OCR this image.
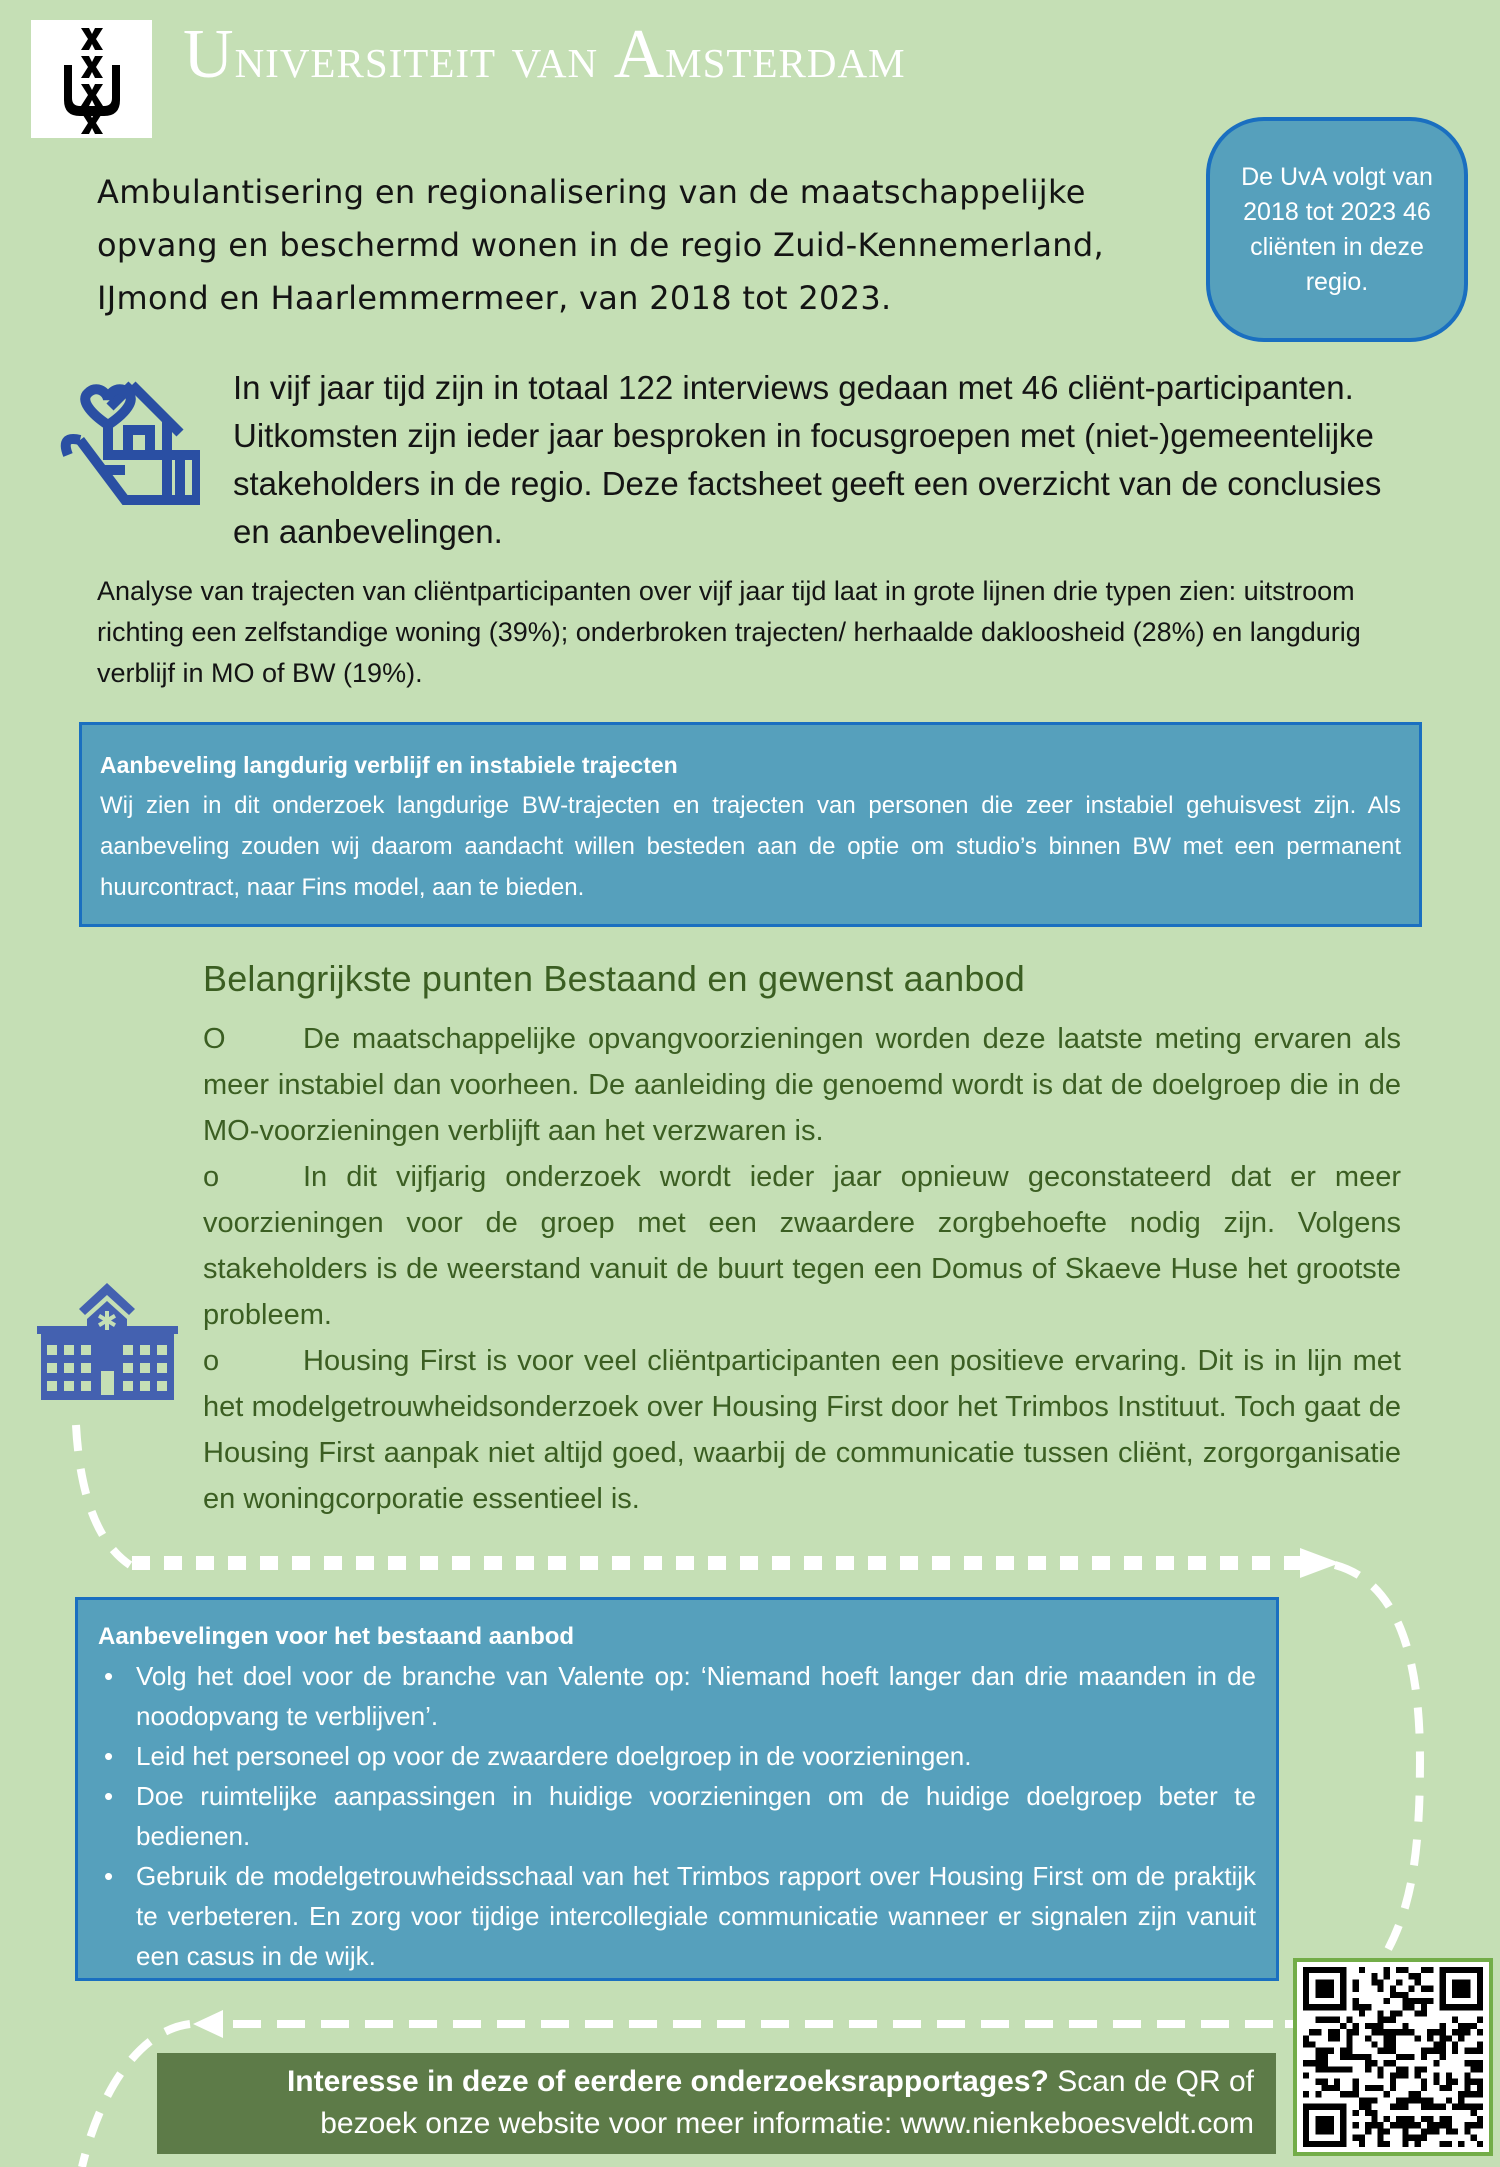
Universiteit van Amsterdam
Ambulantisering en regionalisering van de maatschappelijke opvang en beschermd wonen in de regio Zuid-Kennemerland, IJmond en Haarlemmermeer, van 2018 tot 2023.
De UvA volgt van 2018 tot 2023 46 cliënten in deze regio.
In vijf jaar tijd zijn in totaal 122 interviews gedaan met 46 cliënt-participanten. Uitkomsten zijn ieder jaar besproken in focusgroepen met (niet-)gemeentelijke stakeholders in de regio. Deze factsheet geeft een overzicht van de conclusies en aanbevelingen.
Analyse van trajecten van cliëntparticipanten over vijf jaar tijd laat in grote lijnen drie typen zien: uitstroom richting een zelfstandige woning (39%); onderbroken trajecten/ herhaalde dakloosheid (28%) en langdurig verblijf in MO of BW (19%).
Aanbeveling langdurig verblijf en instabiele trajecten

Wij zien in dit onderzoek langdurige BW-trajecten en trajecten van personen die zeer instabiel gehuisvest zijn. Als aanbeveling zouden wij daarom aandacht willen besteden aan de optie om studio’s binnen BW met een permanent huurcontract, naar Fins model, aan te bieden.

Belangrijkste punten Bestaand en gewenst aanbod

O	De maatschappelijke opvangvoorzieningen worden deze laatste meting ervaren als meer instabiel dan voorheen. De aanleiding die genoemd wordt is dat de doelgroep die in de MO-voorzieningen verblijft aan het verzwaren is.

o	In dit vijfjarig onderzoek wordt ieder jaar opnieuw geconstateerd dat er meer voorzieningen voor de groep met een zwaardere zorgbehoefte nodig zijn. Volgens stakeholders is de weerstand vanuit de buurt tegen een Domus of Skaeve Huse het grootste probleem.

o	Housing First is voor veel cliëntparticipanten een positieve ervaring. Dit is in lijn met het modelgetrouwheidsonderzoek over Housing First door het Trimbos Instituut. Toch gaat de Housing First aanpak niet altijd goed, waarbij de communicatie tussen cliënt, zorgorganisatie en woningcorporatie essentieel is.

Aanbevelingen voor het bestaand aanbod
• Volg het doel voor de branche van Valente op: ‘Niemand hoeft langer dan drie maanden in de noodopvang te verblijven’.
• Leid het personeel op voor de zwaardere doelgroep in de voorzieningen.
• Doe ruimtelijke aanpassingen in huidige voorzieningen om de huidige doelgroep beter te bedienen.
• Gebruik de modelgetrouwheidsschaal van het Trimbos rapport over Housing First om de praktijk te verbeteren. En zorg voor tijdige intercollegiale communicatie wanneer er signalen zijn vanuit een casus in de wijk.
Interesse in deze of eerdere onderzoeksrapportages? Scan de QR of
bezoek onze website voor meer informatie: www.nienkeboesveldt.com
